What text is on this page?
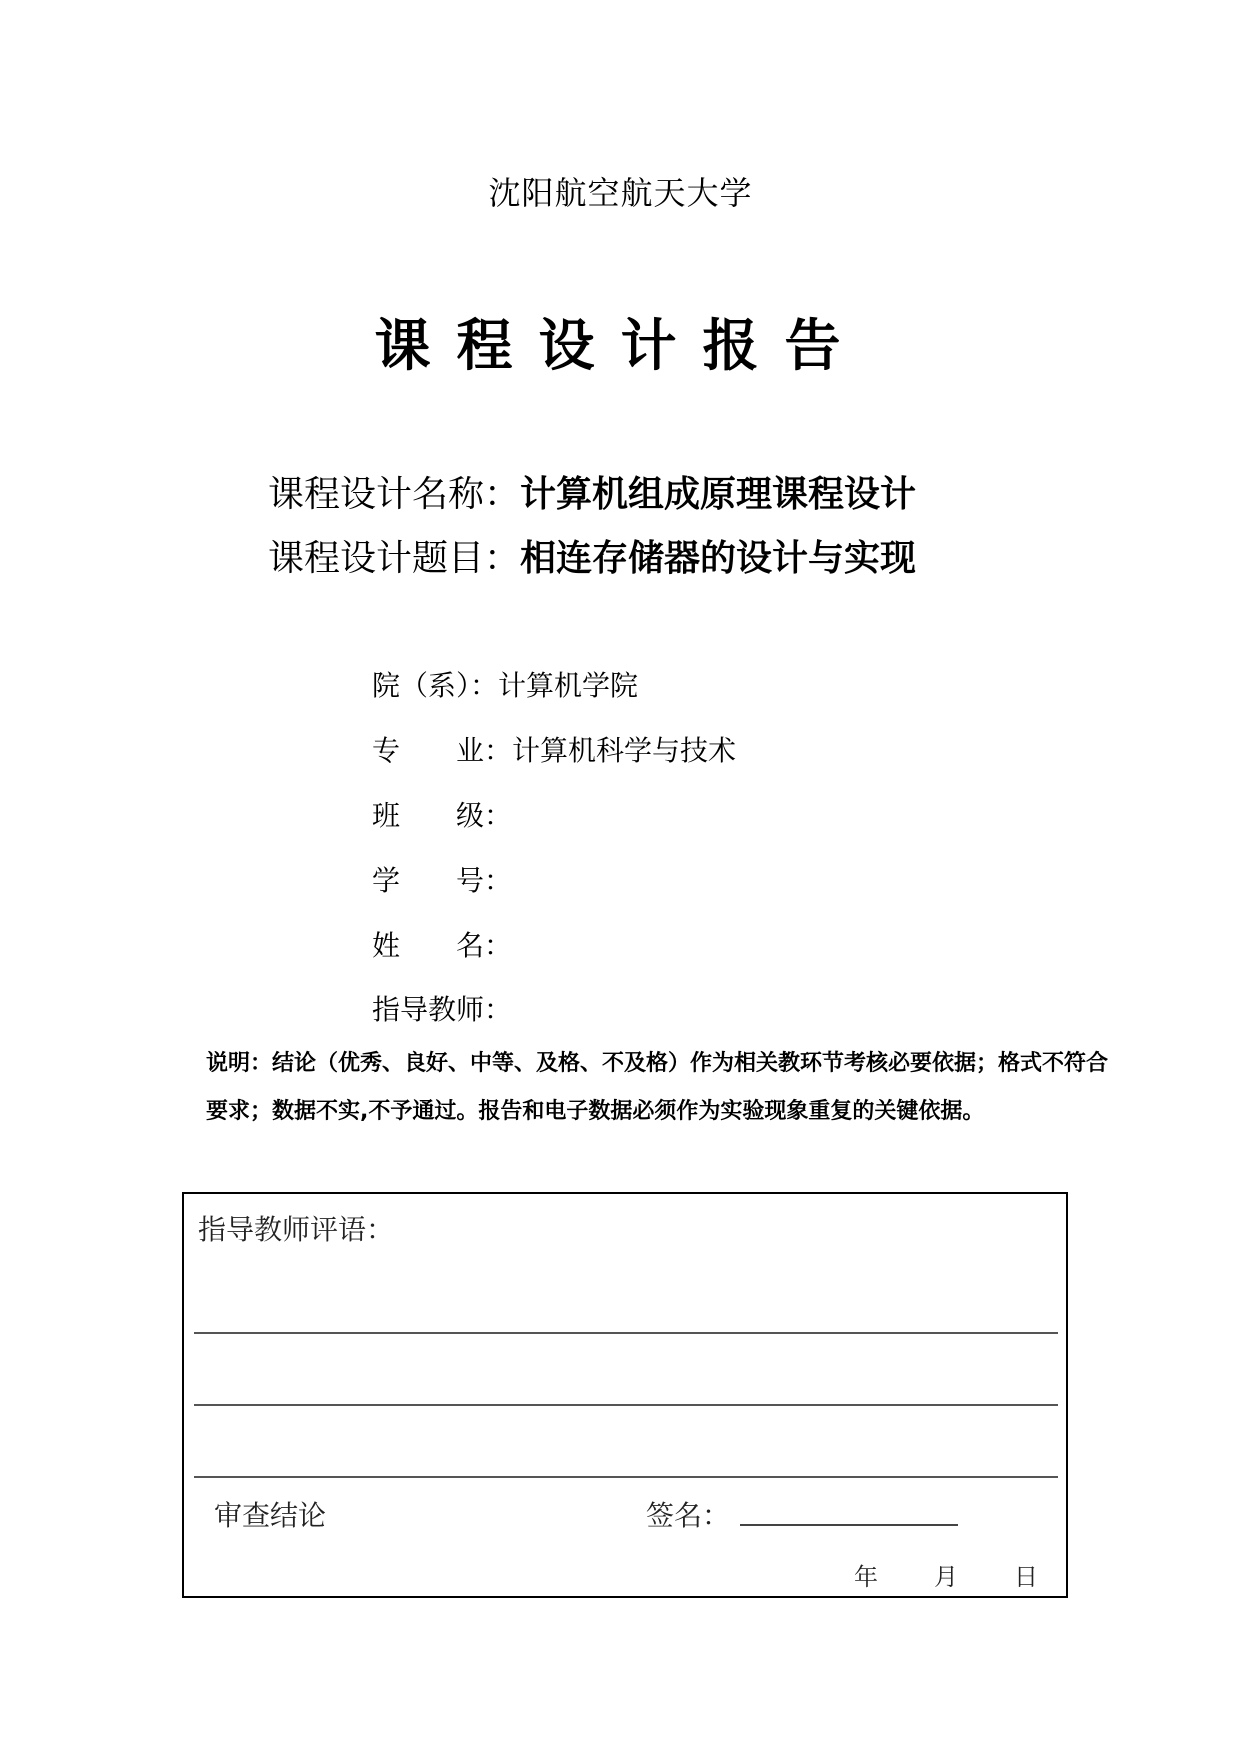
沈阳航空航天大学
课程设计报告
课程设计名称：计算机组成原理课程设计
课程设计题目：相连存储器的设计与实现
院（系）：计算机学院
专　　业：计算机科学与技术
班　　级：
学　　号：
姓　　名：
指导教师：
说明：结论（优秀、良好、中等、及格、不及格）作为相关教环节考核必要依据；格式不符合要求；数据不实,不予通过。报告和电子数据必须作为实验现象重复的关键依据。
指导教师评语：
审查结论	签名：
年 月 日
